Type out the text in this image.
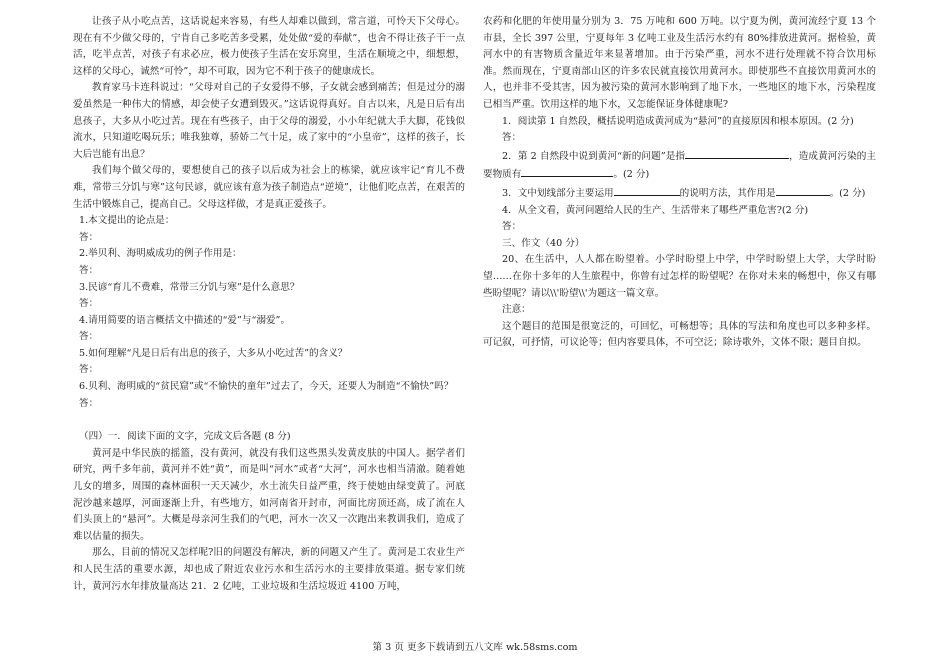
让孩子从小吃点苦，这话说起来容易，有些人却难以做到，常言道，可怜天下父母心。现在有不少做父母的，宁肯自己多吃苦多受累，处处做“爱的奉献”，也舍不得让孩子干一点活，吃半点苦，对孩子有求必应，极力使孩子生活在安乐窝里，生活在顺境之中，细想想，这样的父母心，诚然“可怜”，却不可取，因为它不利于孩子的健康成长。

教育家马卡连科说过：“父母对自己的子女爱得不够，子女就会感到痛苦；但是过分的溺爱虽然是一种伟大的情感，却会使子女遭到毁灭。”这话说得真好。自古以来，凡是日后有出息孩子，大多从小吃过苦。现在有些孩子，由于父母的溺爱，小小年纪就大手大脚，花钱似流水，只知道吃喝玩乐；唯我独尊，骄娇二气十足，成了家中的“小皇帝”，这样的孩子，长大后岂能有出息？

我们每个做父母的，要想使自己的孩子以后成为社会上的栋梁，就应该牢记“育儿不费难，常带三分饥与寒”这句民谚，就应该有意为孩子制造点“逆境”，让他们吃点苦，在艰苦的生活中锻炼自己，提高自己。父母这样做，才是真正爱孩子。

1.本文提出的论点是：

答：

2.举贝利、海明威成功的例子作用是：

答：

3.民谚“育儿不费难，常带三分饥与寒”是什么意思？

答：

4.请用简要的语言概括文中描述的“爱”与“溺爱”。

答：

5.如何理解“凡是日后有出息的孩子，大多从小吃过苦”的含义？

答：

6.贝利、海明威的“贫民窟”或“不愉快的童年”过去了，今天，还要人为制造“不愉快”吗？

答：

（四）一．阅读下面的文字，完成文后各题 (8 分)

黄河是中华民族的摇篮，没有黄河，就没有我们这些黑头发黄皮肤的中国人。据学者们研究，两千多年前，黄河并不姓“黄”，而是叫“河水”或者“大河”，河水也相当清澈。随着她儿女的增多，周围的森林面积一天天减少，水土流失日益严重，终于使她由绿变黄了。河底泥沙越来越厚，河面逐渐上升，有些地方，如河南省开封市，河面比房顶还高，成了流在人们头顶上的“悬河”。大概是母亲河生我们的气吧，河水一次又一次跑出来教训我们，造成了难以估量的损失。

那么，目前的情况又怎样呢?旧的问题没有解决，新的问题又产生了。黄河是工农业生产和人民生活的重要水源，却也成了附近农业污水和生活污水的主要排放渠道。据专家们统计，黄河污水年排放量高达 21．2 亿吨，工业垃圾和生活垃圾近 4100 万吨，

农药和化肥的年使用量分别为 3．75 万吨和 600 万吨。以宁夏为例，黄河流经宁夏 13 个市县，全长 397 公里，宁夏每年 3 亿吨工业及生活污水约有 80%排放进黄河。据检验，黄河水中的有害物质含量近年来显著增加。由于污染严重，河水不进行处理就不符合饮用标准。然而现在，宁夏南部山区的许多农民就直接饮用黄河水。即使那些不直接饮用黄河水的人，也并非不受其害，因为被污染的黄河水影响到了地下水，一些地区的地下水，污染程度已相当严重。饮用这样的地下水，又怎能保证身体健康呢?

1．阅读第 1 自然段，概括说明造成黄河成为“悬河”的直接原因和根本原因。(2 分)

答：

2．第 2 自然段中说到黄河“新的问题”是指	，造成黄河污染的主要物质有	。(2 分)

3．文中划线部分主要运用	的说明方法，其作用是	。(2 分)

4．从全文看，黄河问题给人民的生产、生活带来了哪些严重危害?(2 分)

答：

三、作文（40 分）

20、在生活中，人人都在盼望着。小学时盼望上中学，中学时盼望上大学，大学时盼望……在你十多年的人生旅程中，你曾有过怎样的盼望呢？在你对未来的畅想中，你又有哪些盼望呢？请以\\'盼望\\'为题这一篇文章。

注意：

这个题目的范围是很宽泛的，可回忆，可畅想等；具体的写法和角度也可以多种多样。可记叙，可抒情，可议论等；但内容要具体，不可空泛；除诗歌外，文体不限；题目自拟。

第 3 页 更多下载请到五八文库 wk.58sms.com
